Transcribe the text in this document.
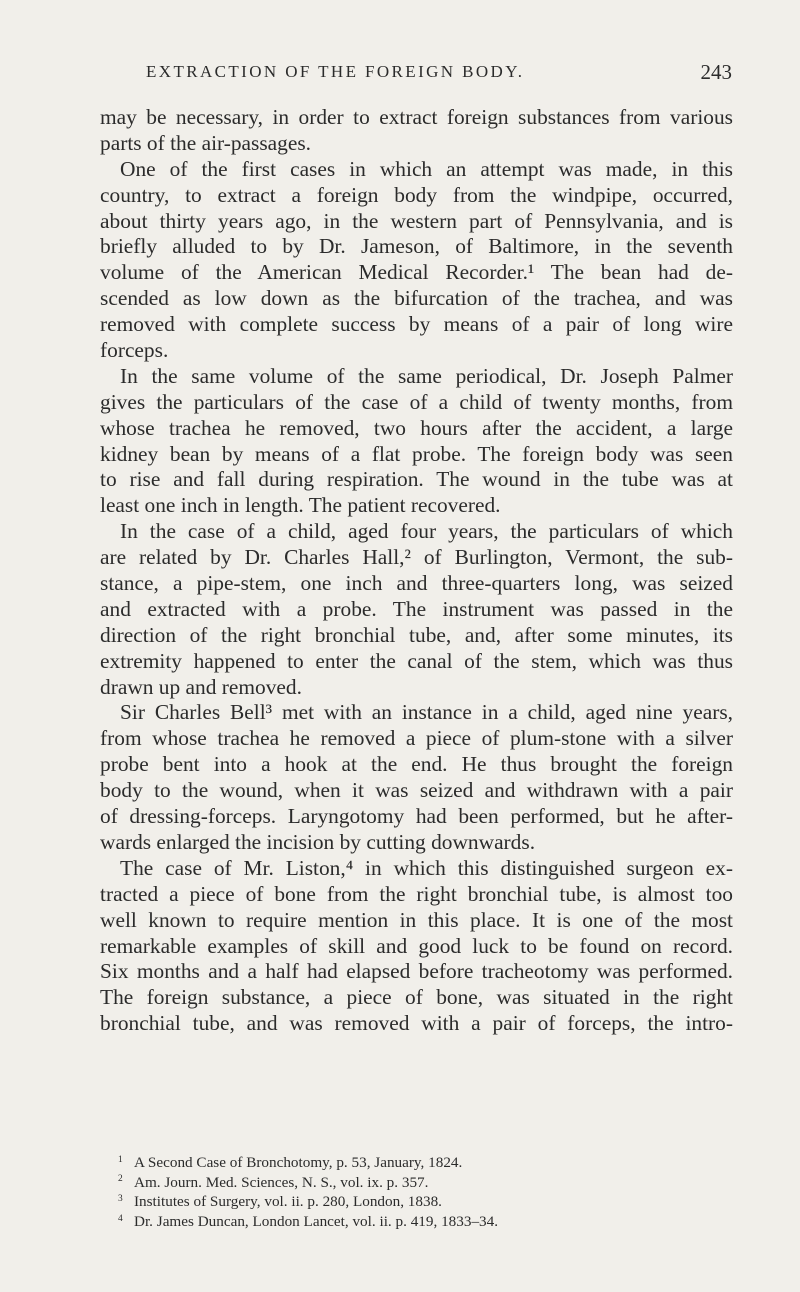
EXTRACTION OF THE FOREIGN BODY.	243
may be necessary, in order to extract foreign substances from various
parts of the air-passages.
One of the first cases in which an attempt was made, in this
country, to extract a foreign body from the windpipe, occurred,
about thirty years ago, in the western part of Pennsylvania, and is
briefly alluded to by Dr. Jameson, of Baltimore, in the seventh
volume of the American Medical Recorder.¹ The bean had de-
scended as low down as the bifurcation of the trachea, and was
removed with complete success by means of a pair of long wire
forceps.
In the same volume of the same periodical, Dr. Joseph Palmer
gives the particulars of the case of a child of twenty months, from
whose trachea he removed, two hours after the accident, a large
kidney bean by means of a flat probe. The foreign body was seen
to rise and fall during respiration. The wound in the tube was at
least one inch in length. The patient recovered.
In the case of a child, aged four years, the particulars of which
are related by Dr. Charles Hall,² of Burlington, Vermont, the sub-
stance, a pipe-stem, one inch and three-quarters long, was seized
and extracted with a probe. The instrument was passed in the
direction of the right bronchial tube, and, after some minutes, its
extremity happened to enter the canal of the stem, which was thus
drawn up and removed.
Sir Charles Bell³ met with an instance in a child, aged nine years,
from whose trachea he removed a piece of plum-stone with a silver
probe bent into a hook at the end. He thus brought the foreign
body to the wound, when it was seized and withdrawn with a pair
of dressing-forceps. Laryngotomy had been performed, but he after-
wards enlarged the incision by cutting downwards.
The case of Mr. Liston,⁴ in which this distinguished surgeon ex-
tracted a piece of bone from the right bronchial tube, is almost too
well known to require mention in this place. It is one of the most
remarkable examples of skill and good luck to be found on record.
Six months and a half had elapsed before tracheotomy was performed.
The foreign substance, a piece of bone, was situated in the right
bronchial tube, and was removed with a pair of forceps, the intro-
$^1$ A Second Case of Bronchotomy, p. 53, January, 1824.
$^2$ Am. Journ. Med. Sciences, N. S., vol. ix. p. 357.
$^3$ Institutes of Surgery, vol. ii. p. 280, London, 1838.
$^4$ Dr. James Duncan, London Lancet, vol. ii. p. 419, 1833–34.
